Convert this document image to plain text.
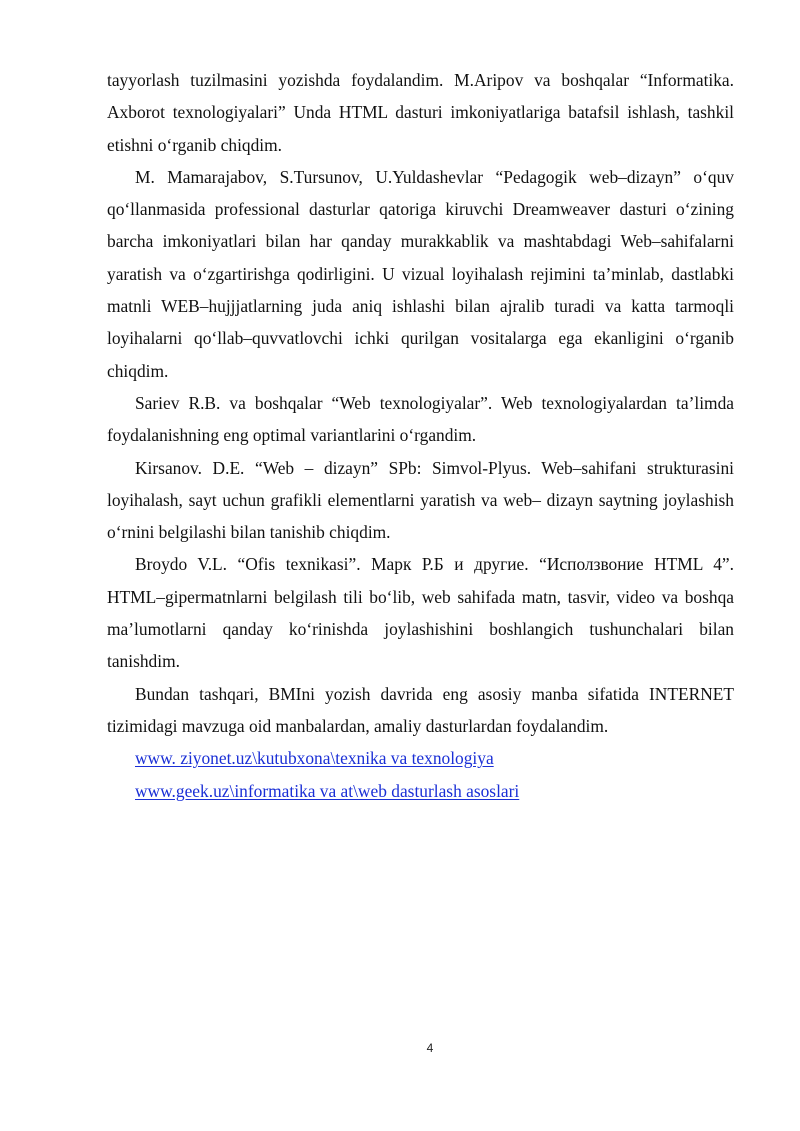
tayyorlash tuzilmasini yozishda foydalandim. M.Aripov va boshqalar “Informatika. Axborot texnologiyalari” Unda HTML dasturi imkoniyatlariga batafsil ishlash, tashkil etishni o‘rganib chiqdim.

M. Mamarajabov, S.Tursunov, U.Yuldashevlar “Pedagogik web–dizayn” o‘quv qo‘llanmasida professional dasturlar qatoriga kiruvchi Dreamweaver dasturi o‘zining barcha imkoniyatlari bilan har qanday murakkablik va mashtabdagi Web–sahifalarni yaratish va o‘zgartirishga qodirligini. U vizual loyihalash rejimini ta’minlab, dastlabki matnli WEB–hujjjatlarning juda aniq ishlashi bilan ajralib turadi va katta tarmoqli loyihalarni qo‘llab–quvvatlovchi ichki qurilgan vositalarga ega ekanligini o‘rganib chiqdim.

Sariev R.B. va boshqalar “Web texnologiyalar”. Web texnologiyalardan ta’limda foydalanishning eng optimal variantlarini o‘rgandim.

Kirsanov. D.E. “Web – dizayn” SPb: Simvol-Plyus. Web–sahifani strukturasini loyihalash, sayt uchun grafikli elementlarni yaratish va web– dizayn saytning joylashish o‘rnini belgilashi bilan tanishib chiqdim.

Broydo V.L. “Ofis texnikasi”. Марк Р.Б и другие. “Исползвоние HTML 4”. HTML–gipermatnlarni belgilash tili bo‘lib, web sahifada matn, tasvir, video va boshqa ma’lumotlarni qanday ko‘rinishda joylashishini boshlangich tushunchalari bilan tanishdim.

Bundan tashqari, BMIni yozish davrida eng asosiy manba sifatida INTERNET tizimidagi mavzuga oid manbalardan, amaliy dasturlardan foydalandim.

www. ziyonet.uz\kutubxona\texnika va texnologiya
www.geek.uz\informatika va at\web dasturlash asoslari
4
